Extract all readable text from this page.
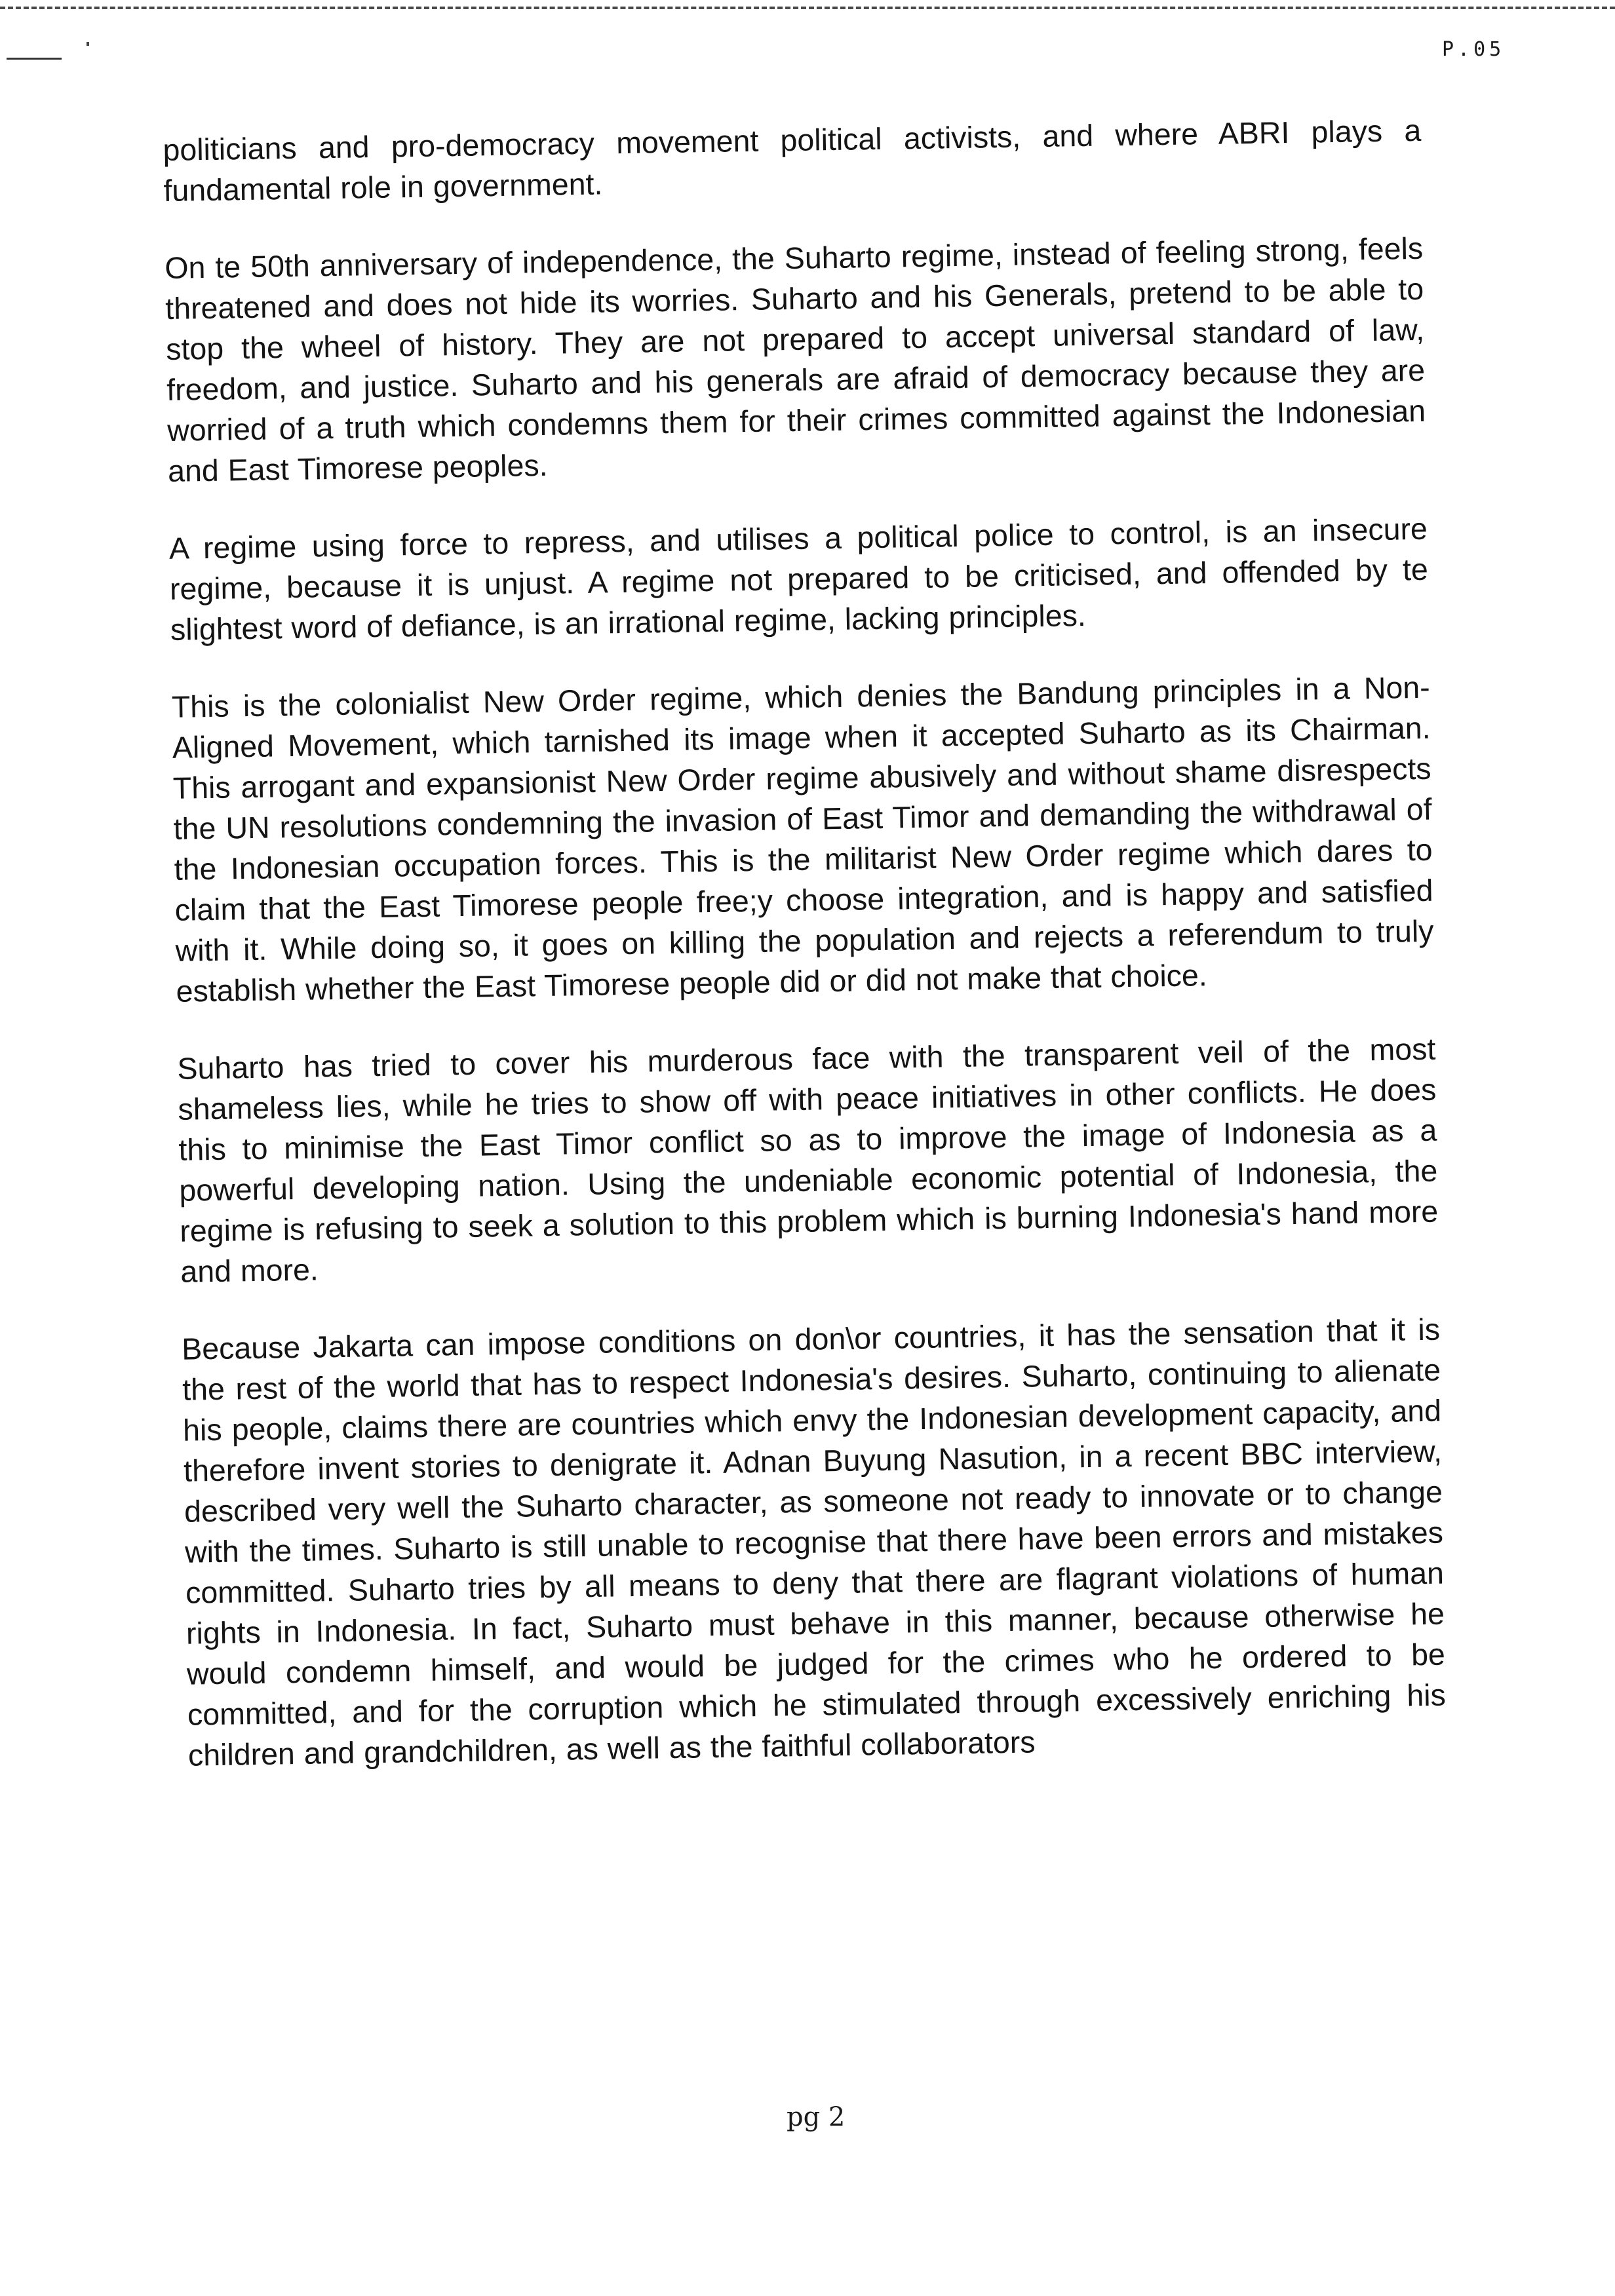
P.05

politicians and pro-democracy movement political activists, and where ABRI plays a fundamental role in government.

On te 50th anniversary of independence, the Suharto regime, instead of feeling strong, feels threatened and does not hide its worries. Suharto and his Generals, pretend to be able to stop the wheel of history. They are not prepared to accept universal standard of law, freedom, and justice. Suharto and his generals are afraid of democracy because they are worried of a truth which condemns them for their crimes committed against the Indonesian and East Timorese peoples.

A regime using force to repress, and utilises a political police to control, is an insecure regime, because it is unjust. A regime not prepared to be criticised, and offended by te slightest word of defiance, is an irrational regime, lacking principles.

This is the colonialist New Order regime, which denies the Bandung principles in a Non- Aligned Movement, which tarnished its image when it accepted Suharto as its Chairman. This arrogant and expansionist New Order regime abusively and without shame disrespects the UN resolutions condemning the invasion of East Timor and demanding the withdrawal of the Indonesian occupation forces. This is the militarist New Order regime which dares to claim that the East Timorese people free;y choose integration, and is happy and satisfied with it. While doing so, it goes on killing the population and rejects a referendum to truly establish whether the East Timorese people did or did not make that choice.

Suharto has tried to cover his murderous face with the transparent veil of the most shameless lies, while he tries to show off with peace initiatives in other conflicts. He does this to minimise the East Timor conflict so as to improve the image of Indonesia as a powerful developing nation. Using the undeniable economic potential of Indonesia, the regime is refusing to seek a solution to this problem which is burning Indonesia's hand more and more.

Because Jakarta can impose conditions on don\or countries, it has the sensation that it is the rest of the world that has to respect Indonesia's desires. Suharto, continuing to alienate his people, claims there are countries which envy the Indonesian development capacity, and therefore invent stories to denigrate it. Adnan Buyung Nasution, in a recent BBC interview, described very well the Suharto character, as someone not ready to innovate or to change with the times. Suharto is still unable to recognise that there have been errors and mistakes committed. Suharto tries by all means to deny that there are flagrant violations of human rights in Indonesia. In fact, Suharto must behave in this manner, because otherwise he would condemn himself, and would be judged for the crimes who he ordered to be committed, and for the corruption which he stimulated through excessively enriching his children and grandchildren, as well as the faithful collaborators

pg 2
